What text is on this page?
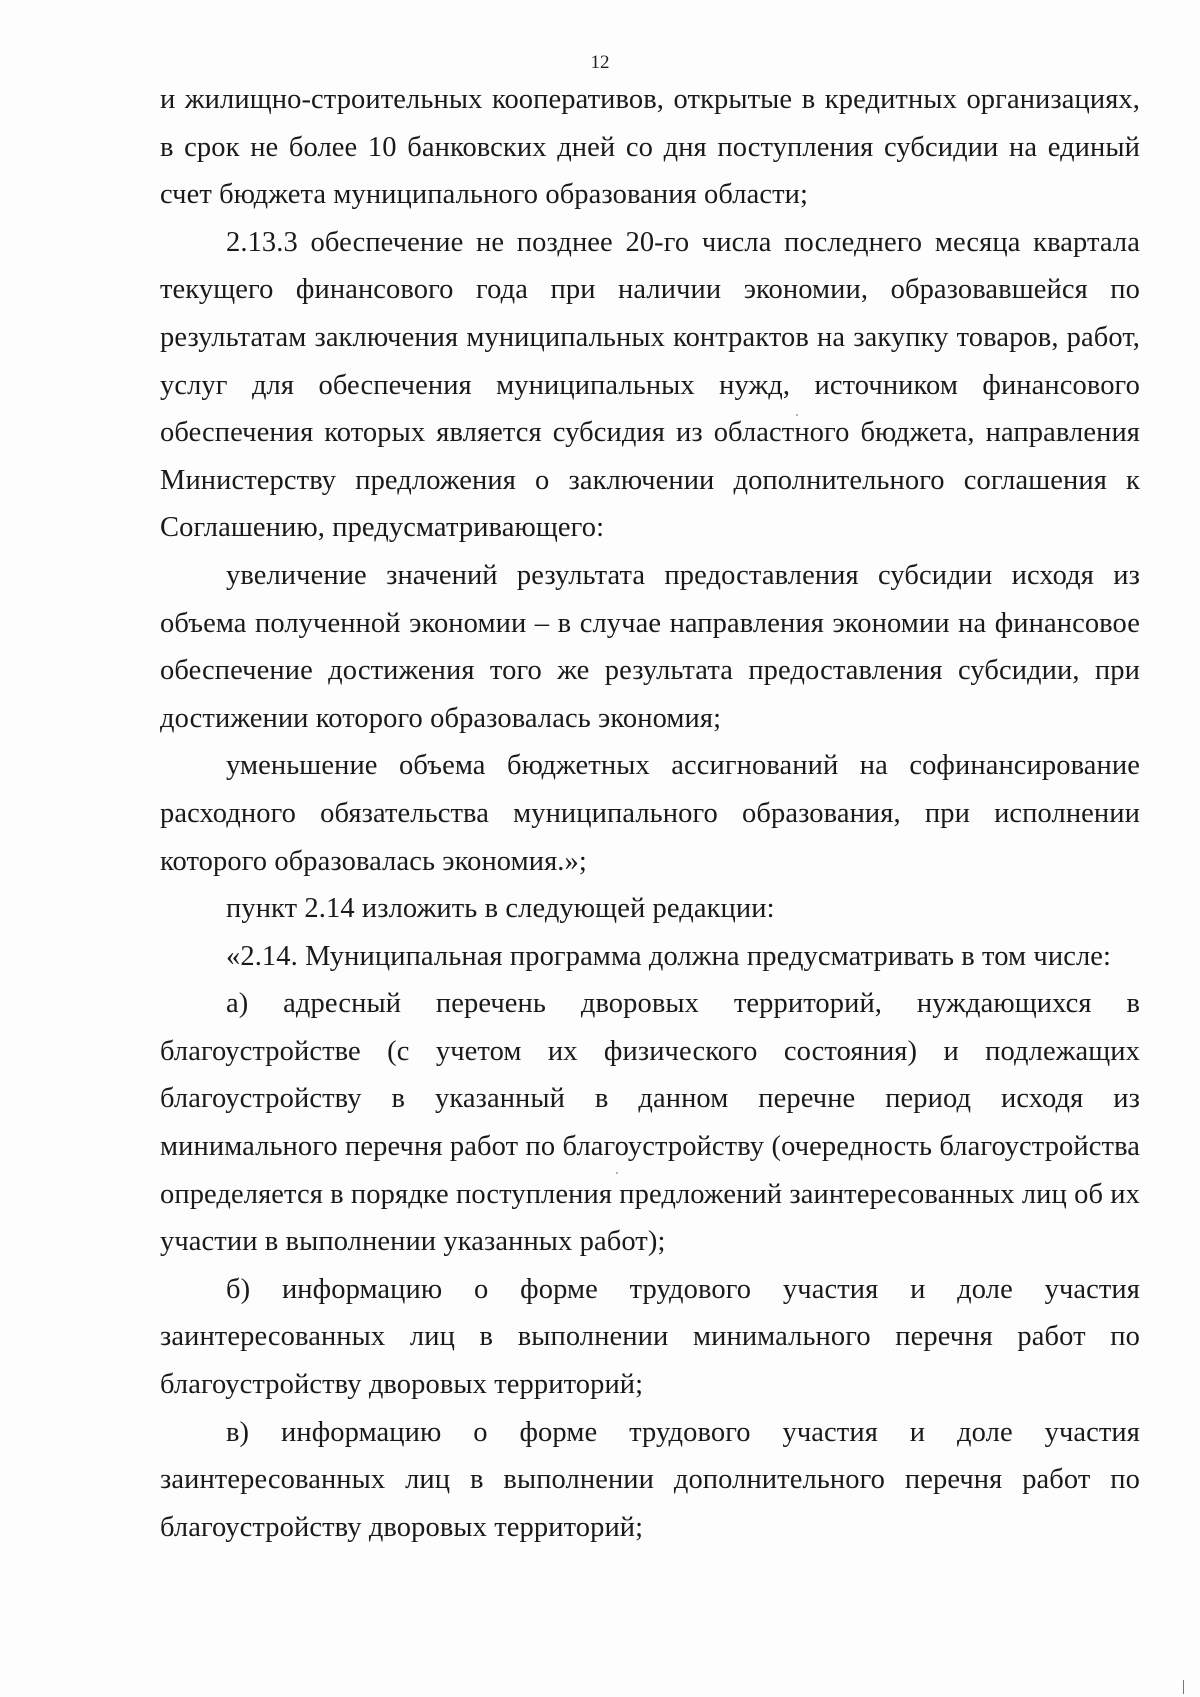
12

и жилищно-строительных кооперативов, открытые в кредитных организациях, в срок не более 10 банковских дней со дня поступления субсидии на единый счет бюджета муниципального образования области;

2.13.3 обеспечение не позднее 20-го числа последнего месяца квартала текущего финансового года при наличии экономии, образовавшейся по результатам заключения муниципальных контрактов на закупку товаров, работ, услуг для обеспечения муниципальных нужд, источником финансового обеспечения которых является субсидия из областного бюджета, направления Министерству предложения о заключении дополнительного соглашения к Соглашению, предусматривающего:

увеличение значений результата предоставления субсидии исходя из объема полученной экономии – в случае направления экономии на финансовое обеспечение достижения того же результата предоставления субсидии, при достижении которого образовалась экономия;

уменьшение объема бюджетных ассигнований на софинансирование расходного обязательства муниципального образования, при исполнении которого образовалась экономия.»;

пункт 2.14 изложить в следующей редакции:

«2.14. Муниципальная программа должна предусматривать в том числе:

а) адресный перечень дворовых территорий, нуждающихся в благоустройстве (с учетом их физического состояния) и подлежащих благоустройству в указанный в данном перечне период исходя из минимального перечня работ по благоустройству (очередность благоустройства определяется в порядке поступления предложений заинтересованных лиц об их участии в выполнении указанных работ);

б) информацию о форме трудового участия и доле участия заинтересованных лиц в выполнении минимального перечня работ по благоустройству дворовых территорий;

в) информацию о форме трудового участия и доле участия заинтересованных лиц в выполнении дополнительного перечня работ по благоустройству дворовых территорий;
